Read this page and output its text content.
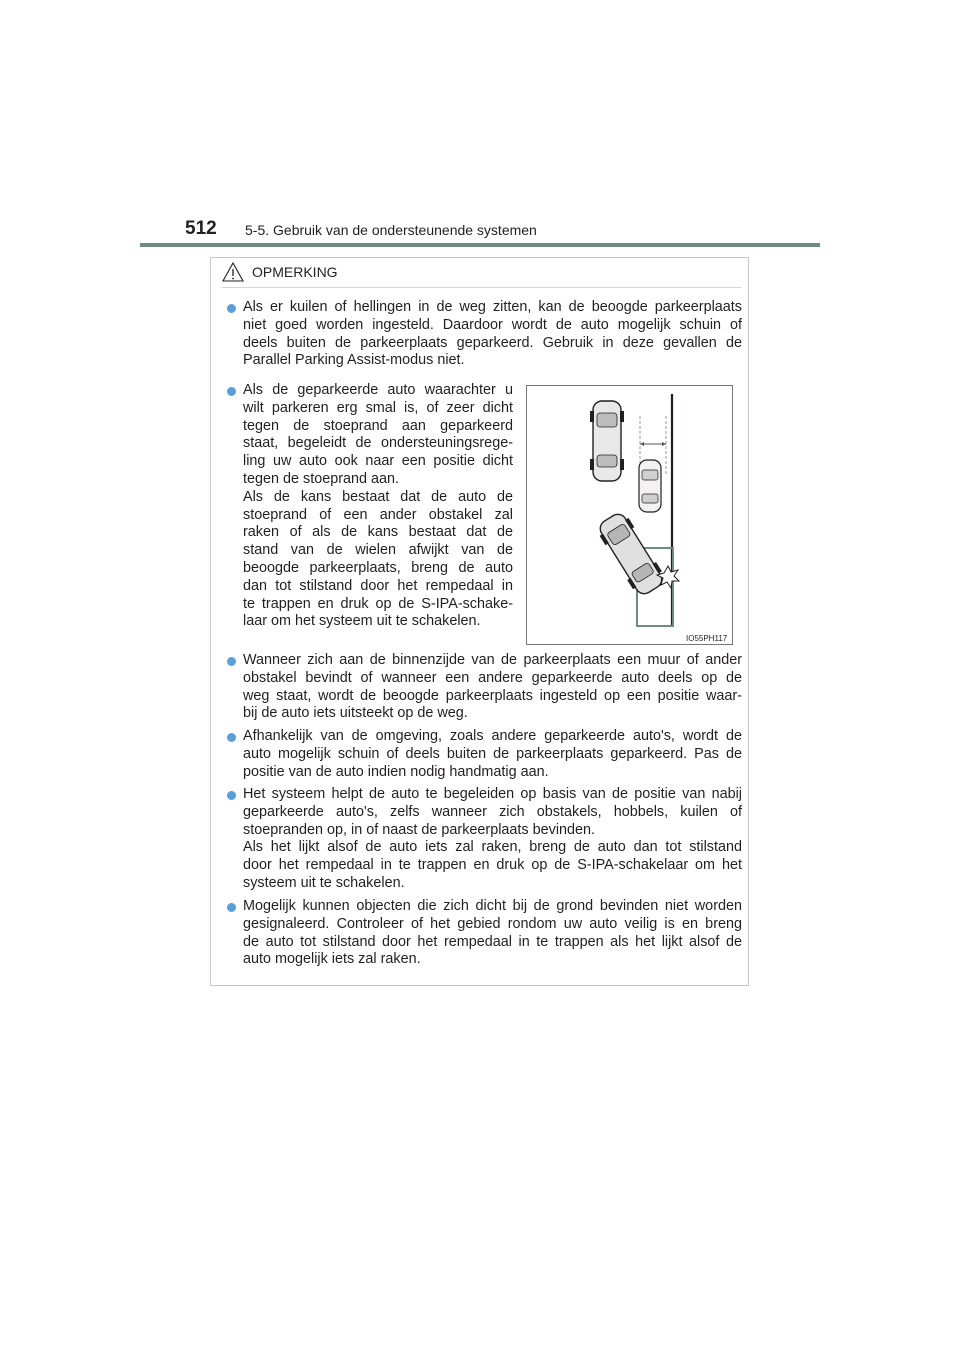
512 5-5. Gebruik van de ondersteunende systemen
OPMERKING
Als er kuilen of hellingen in de weg zitten, kan de beoogde parkeerplaats
niet goed worden ingesteld. Daardoor wordt de auto mogelijk schuin of
deels buiten de parkeerplaats geparkeerd. Gebruik in deze gevallen de
Parallel Parking Assist-modus niet.
Als de geparkeerde auto waarachter u
wilt parkeren erg smal is, of zeer dicht
tegen de stoeprand aan geparkeerd
staat, begeleidt de ondersteuningsrege-
ling uw auto ook naar een positie dicht
tegen de stoeprand aan.
Als de kans bestaat dat de auto de
stoeprand of een ander obstakel zal
raken of als de kans bestaat dat de
stand van de wielen afwijkt van de
beoogde parkeerplaats, breng de auto
dan tot stilstand door het rempedaal in
te trappen en druk op de S-IPA-schake-
laar om het systeem uit te schakelen.
IO55PH117
Wanneer zich aan de binnenzijde van de parkeerplaats een muur of ander
obstakel bevindt of wanneer een andere geparkeerde auto deels op de
weg staat, wordt de beoogde parkeerplaats ingesteld op een positie waar-
bij de auto iets uitsteekt op de weg.
Afhankelijk van de omgeving, zoals andere geparkeerde auto's, wordt de
auto mogelijk schuin of deels buiten de parkeerplaats geparkeerd. Pas de
positie van de auto indien nodig handmatig aan.
Het systeem helpt de auto te begeleiden op basis van de positie van nabij
geparkeerde auto's, zelfs wanneer zich obstakels, hobbels, kuilen of
stoepranden op, in of naast de parkeerplaats bevinden.
Als het lijkt alsof de auto iets zal raken, breng de auto dan tot stilstand
door het rempedaal in te trappen en druk op de S-IPA-schakelaar om het
systeem uit te schakelen.
Mogelijk kunnen objecten die zich dicht bij de grond bevinden niet worden
gesignaleerd. Controleer of het gebied rondom uw auto veilig is en breng
de auto tot stilstand door het rempedaal in te trappen als het lijkt alsof de
auto mogelijk iets zal raken.
